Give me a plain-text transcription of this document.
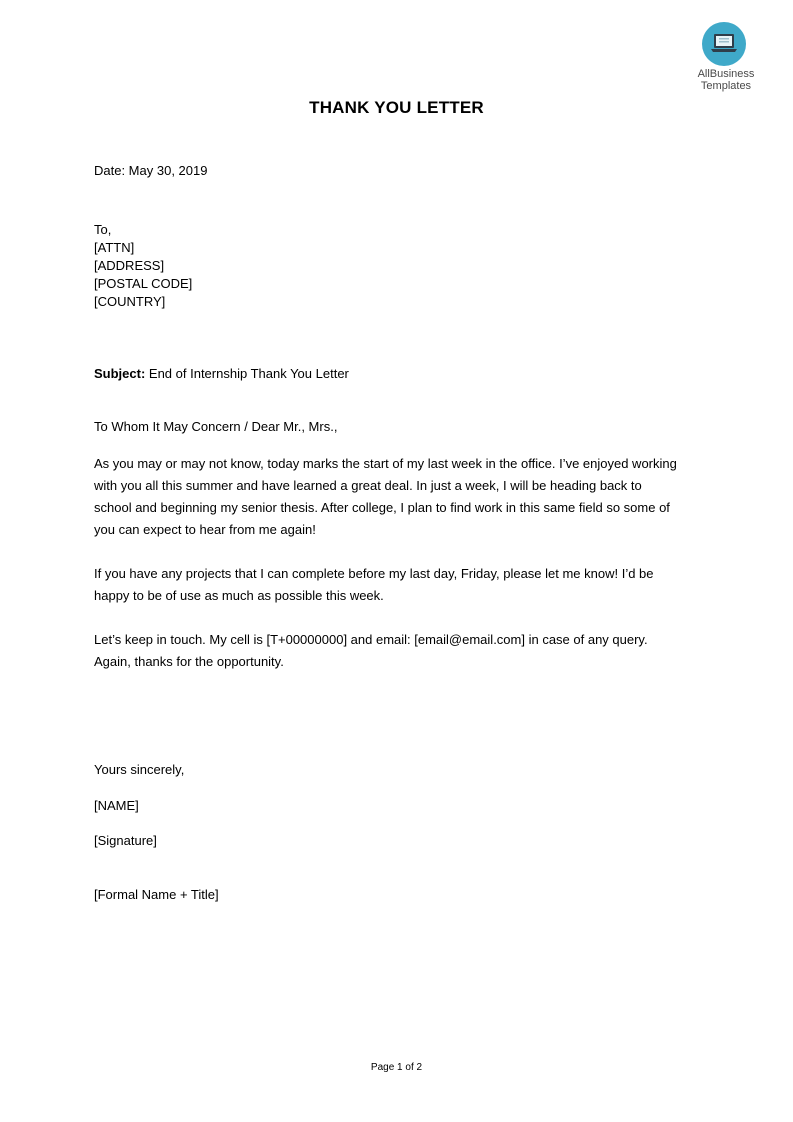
AllBusiness
Templates
THANK YOU LETTER
Date: May 30, 2019
To,
[ATTN]
[ADDRESS]
[POSTAL CODE]
[COUNTRY]
Subject: End of Internship Thank You Letter
To Whom It May Concern / Dear Mr., Mrs.,
As you may or may not know, today marks the start of my last week in the office. I’ve enjoyed working
with you all this summer and have learned a great deal. In just a week, I will be heading back to
school and beginning my senior thesis. After college, I plan to find work in this same field so some of
you can expect to hear from me again!
If you have any projects that I can complete before my last day, Friday, please let me know! I’d be
happy to be of use as much as possible this week.
Let’s keep in touch. My cell is [T+00000000] and email: [email@email.com] in case of any query.
Again, thanks for the opportunity.
Yours sincerely,
[NAME]
[Signature]
[Formal Name + Title]
Page 1 of 2
